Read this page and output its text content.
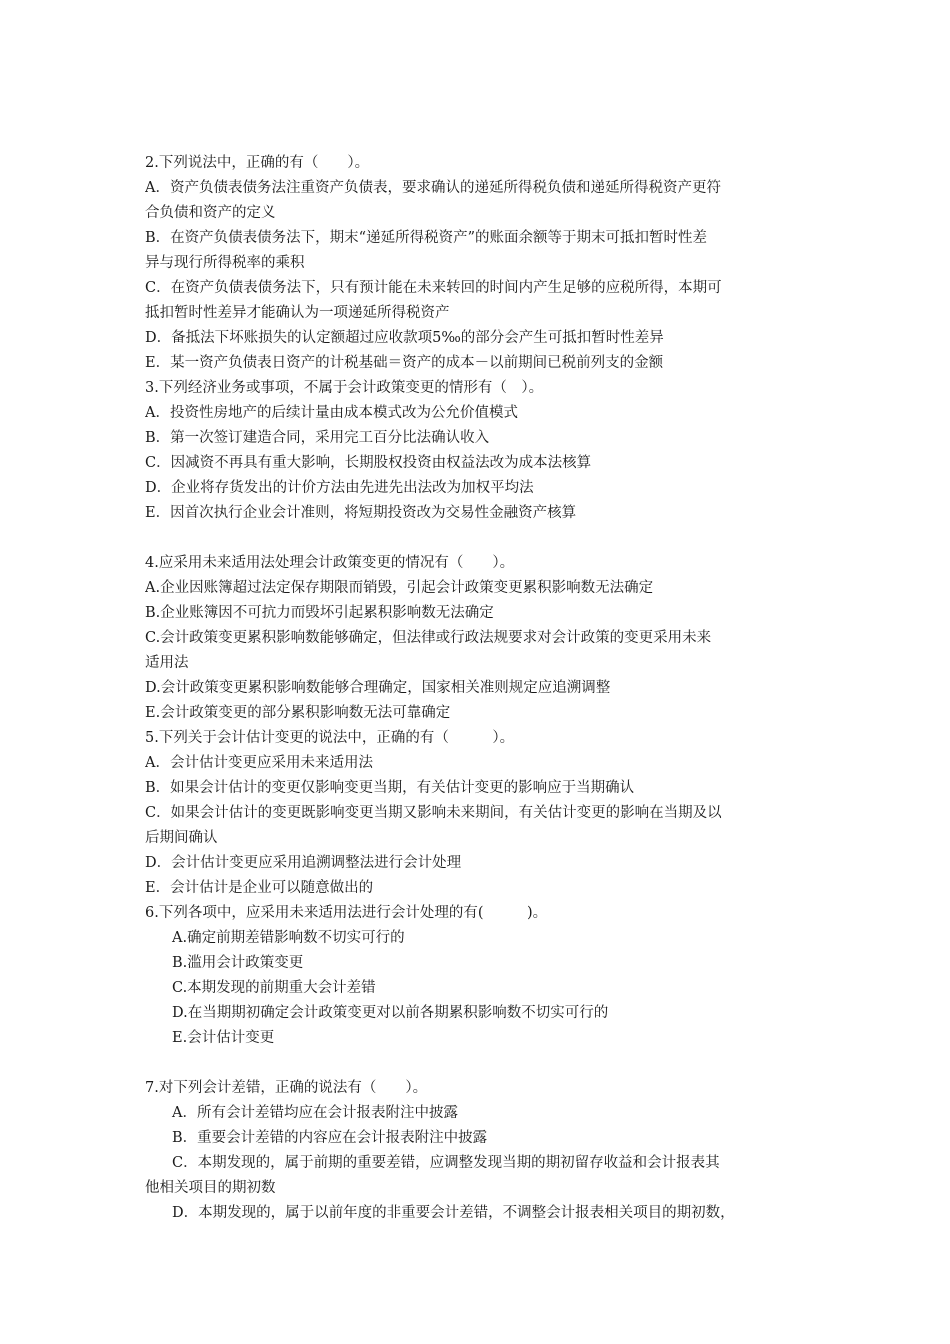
2.下列说法中，正确的有（　　）。
A．资产负债表债务法注重资产负债表，要求确认的递延所得税负债和递延所得税资产更符
合负债和资产的定义
B．在资产负债表债务法下，期末“递延所得税资产”的账面余额等于期末可抵扣暂时性差
异与现行所得税率的乘积
C．在资产负债表债务法下，只有预计能在未来转回的时间内产生足够的应税所得，本期可
抵扣暂时性差异才能确认为一项递延所得税资产
D．备抵法下坏账损失的认定额超过应收款项5‰的部分会产生可抵扣暂时性差异
E．某一资产负债表日资产的计税基础＝资产的成本－以前期间已税前列支的金额
3.下列经济业务或事项，不属于会计政策变更的情形有（　）。
A．投资性房地产的后续计量由成本模式改为公允价值模式
B．第一次签订建造合同，采用完工百分比法确认收入
C．因减资不再具有重大影响，长期股权投资由权益法改为成本法核算
D．企业将存货发出的计价方法由先进先出法改为加权平均法
E．因首次执行企业会计准则，将短期投资改为交易性金融资产核算
4.应采用未来适用法处理会计政策变更的情况有（　　）。
A.企业因账簿超过法定保存期限而销毁，引起会计政策变更累积影响数无法确定
B.企业账簿因不可抗力而毁坏引起累积影响数无法确定
C.会计政策变更累积影响数能够确定，但法律或行政法规要求对会计政策的变更采用未来
适用法
D.会计政策变更累积影响数能够合理确定，国家相关准则规定应追溯调整
E.会计政策变更的部分累积影响数无法可靠确定
5.下列关于会计估计变更的说法中，正确的有（　　　）。
A．会计估计变更应采用未来适用法
B．如果会计估计的变更仅影响变更当期，有关估计变更的影响应于当期确认
C．如果会计估计的变更既影响变更当期又影响未来期间，有关估计变更的影响在当期及以
后期间确认
D．会计估计变更应采用追溯调整法进行会计处理
E．会计估计是企业可以随意做出的
6.下列各项中，应采用未来适用法进行会计处理的有(　　　)。
A.确定前期差错影响数不切实可行的
B.滥用会计政策变更
C.本期发现的前期重大会计差错
D.在当期期初确定会计政策变更对以前各期累积影响数不切实可行的
E.会计估计变更
7.对下列会计差错，正确的说法有（　　）。
A．所有会计差错均应在会计报表附注中披露
B．重要会计差错的内容应在会计报表附注中披露
C．本期发现的，属于前期的重要差错，应调整发现当期的期初留存收益和会计报表其
他相关项目的期初数
D．本期发现的，属于以前年度的非重要会计差错，不调整会计报表相关项目的期初数，
